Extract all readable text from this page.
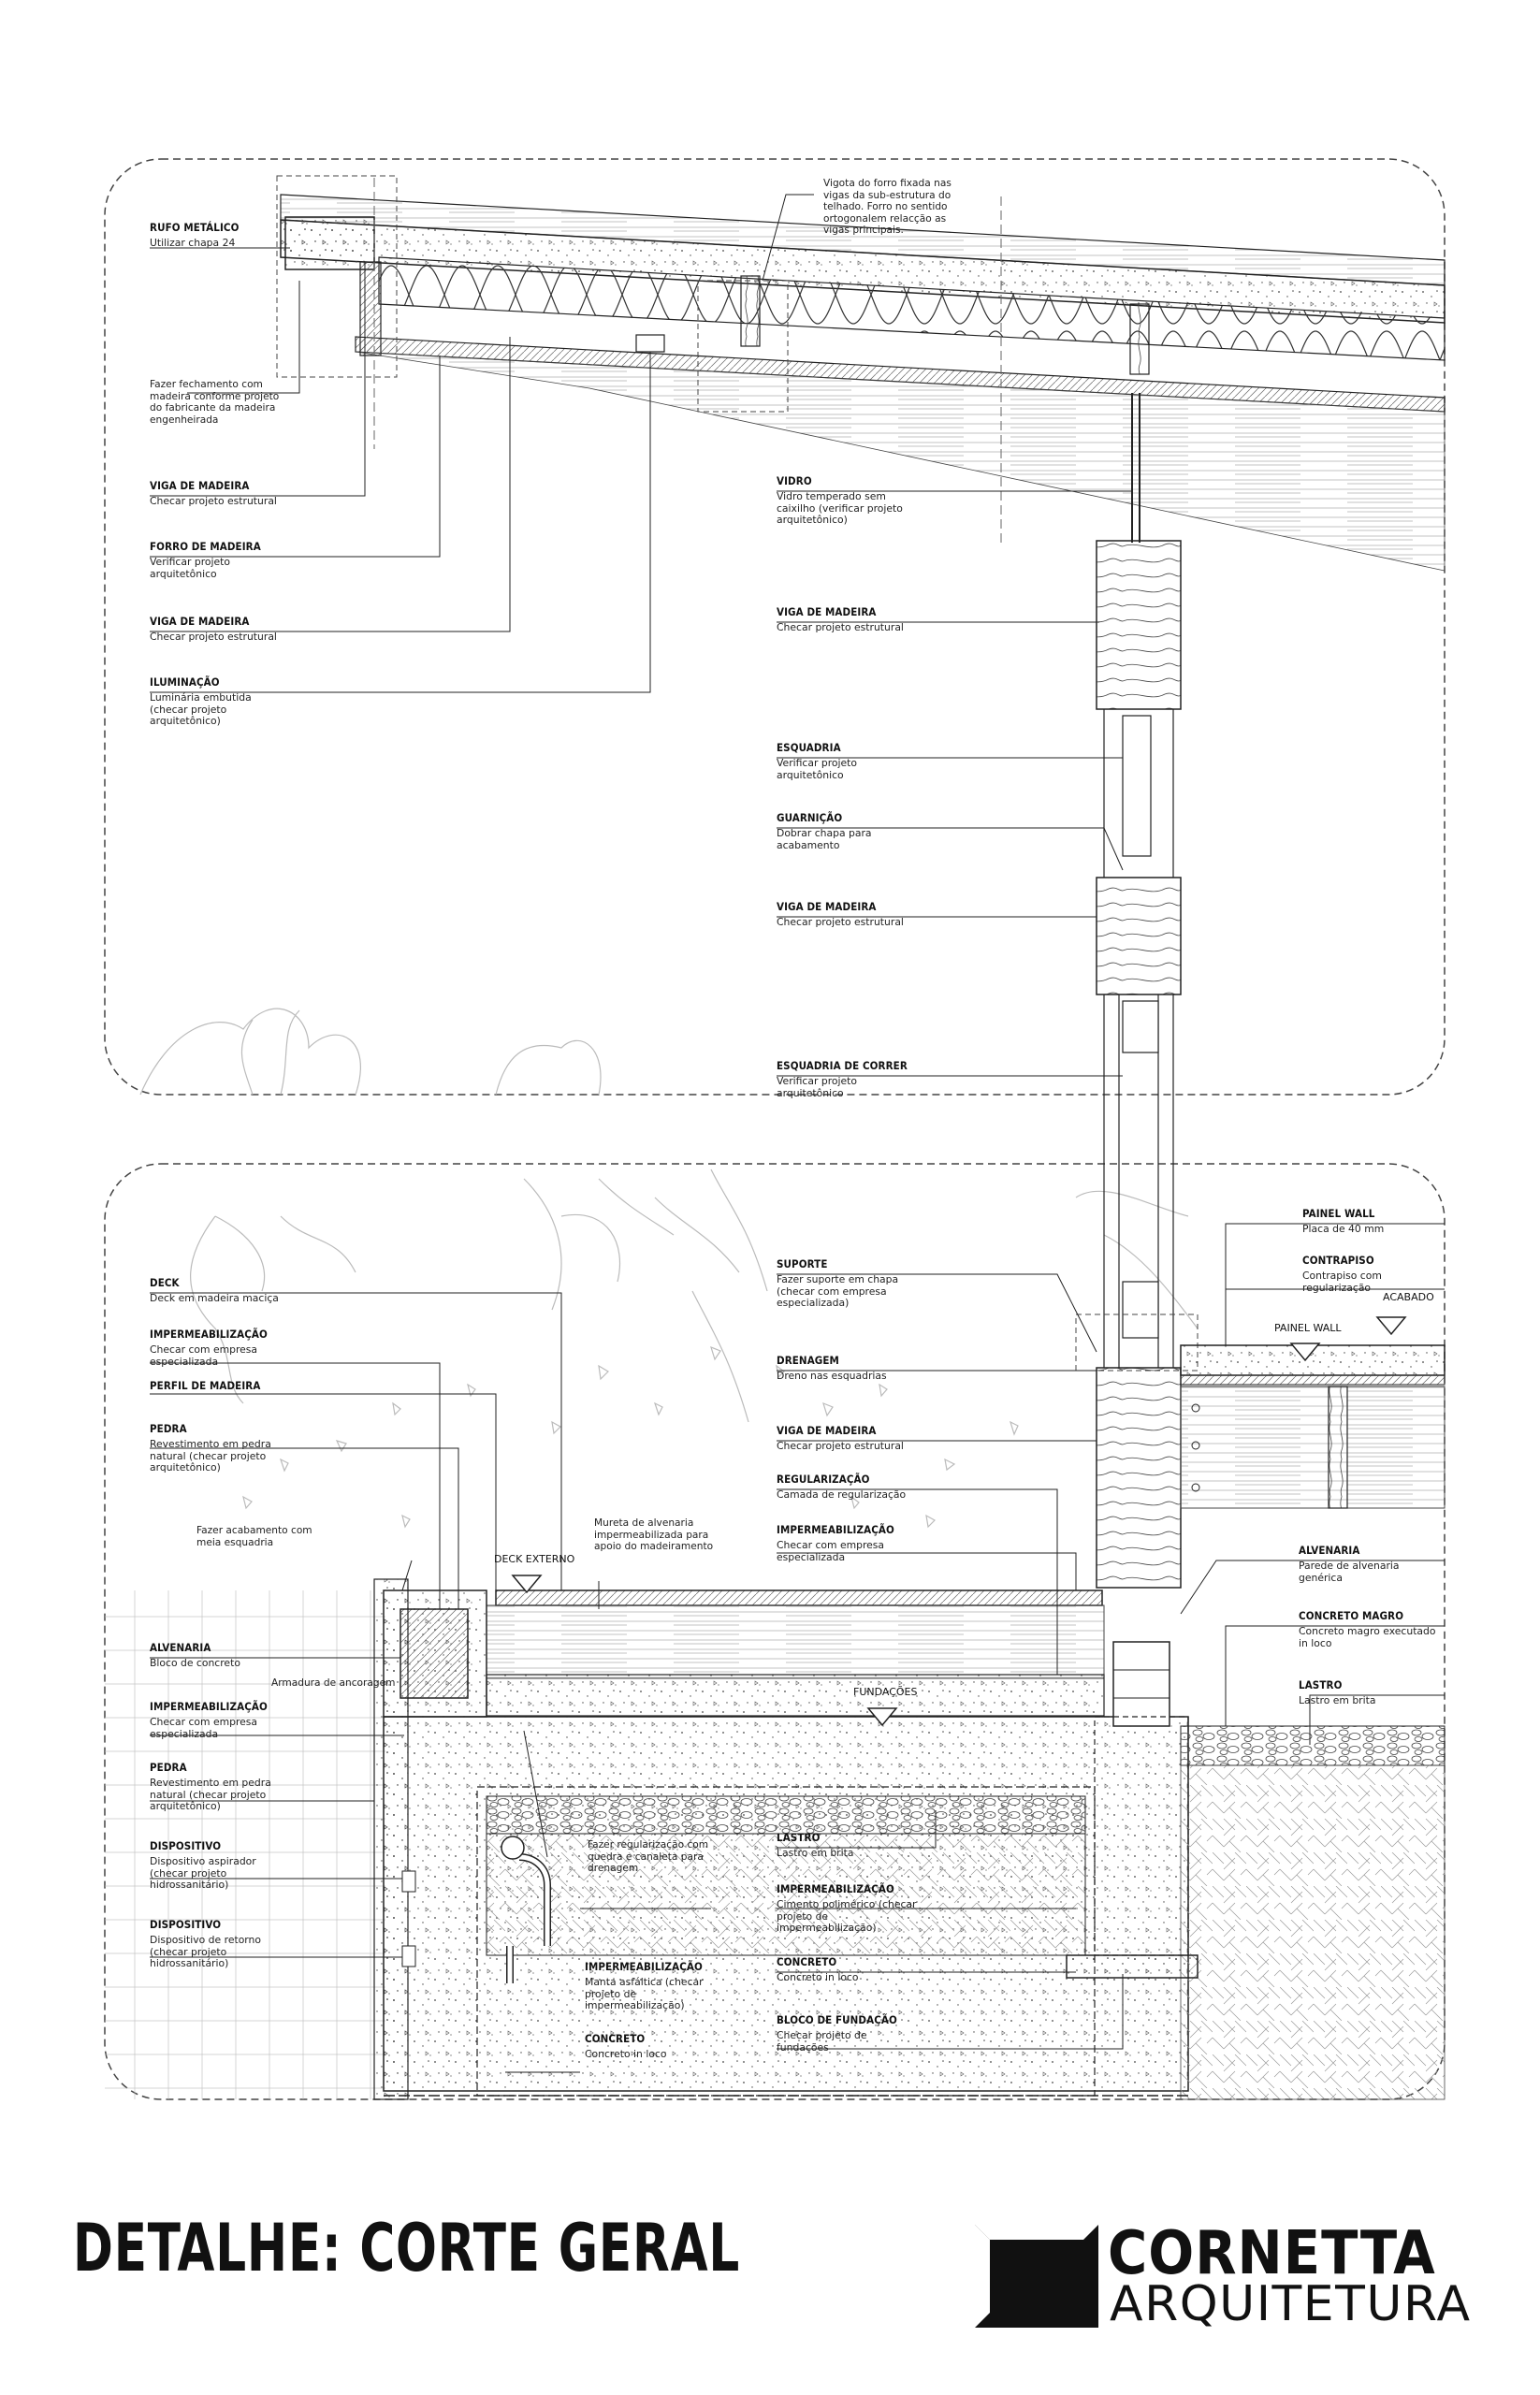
RUFO METÁLICO
Utilizar chapa 24
VIGA DE MADEIRA
Checar projeto estrutural
FORRO DE MADEIRA
Verificar projeto
arquitetônico
VIGA DE MADEIRA
Checar projeto estrutural
ILUMINAÇÃO
Luminária embutida
(checar projeto
arquitetônico)
VIDRO
Vidro temperado sem
caixilho (verificar projeto
arquitetônico)
VIGA DE MADEIRA
Checar projeto estrutural
ESQUADRIA
Verificar projeto
arquitetônico
GUARNIÇÃO
Dobrar chapa para
acabamento
VIGA DE MADEIRA
Checar projeto estrutural
ESQUADRIA DE CORRER
Verificar projeto
arquitetônico
PAINEL WALL
Placa de 40 mm
CONTRAPISO
Contrapiso com
regularização
DECK
Deck em madeira maciça
IMPERMEABILIZAÇÃO
Checar com empresa
especializada
PERFIL DE MADEIRA
PEDRA
Revestimento em pedra
natural (checar projeto
arquitetônico)
SUPORTE
Fazer suporte em chapa
(checar com empresa
especializada)
DRENAGEM
Dreno nas esquadrias
VIGA DE MADEIRA
Checar projeto estrutural
REGULARIZAÇÃO
Camada de regularização
IMPERMEABILIZAÇÃO
Checar com empresa
especializada	ALVENARIA
Parede de alvenaria
genérica
CONCRETO MAGRO
Concreto magro executado
in loco
LASTRO
Lastro em brita
ALVENARIA
Bloco de concreto
IMPERMEABILIZAÇÃO
Checar com empresa
especializada
PEDRA
Revestimento em pedra
natural (checar projeto
arquitetônico)
DISPOSITIVO
Dispositivo aspirador
(checar projeto
hidrossanitário)
DISPOSITIVO
Dispositivo de retorno
(checar projeto
hidrossanitário)
LASTRO
Lastro em brita
IMPERMEABILIZAÇÃO
Cimento polimérico (checar
projeto de
impermeabilização)
CONCRETO
Concreto in loco
IMPERMEABILIZAÇÃO
Manta asfáltica (checar
projeto de
impermeabilização)
BLOCO DE FUNDAÇÃO
Checar projeto de
fundações
CONCRETO
Concreto in loco
Vigota do forro fixada nas
vigas da sub-estrutura do
telhado. Forro no sentido
ortogonalem relacção as
vigas principais.
Fazer fechamento com
madeira conforme projeto
do fabricante da madeira
engenheirada
Fazer acabamento com
meia esquadria
Mureta de alvenaria
impermeabilizada para
apoio do madeiramento
Armadura de ancoragem
Fazer regularização com
quedra e canaleta para
drenagem
ACABADO
PAINEL WALL
DECK EXTERNO
FUNDAÇÕES
DETALHE: CORTE GERAL	CORNETTA
ARQUITETURA
